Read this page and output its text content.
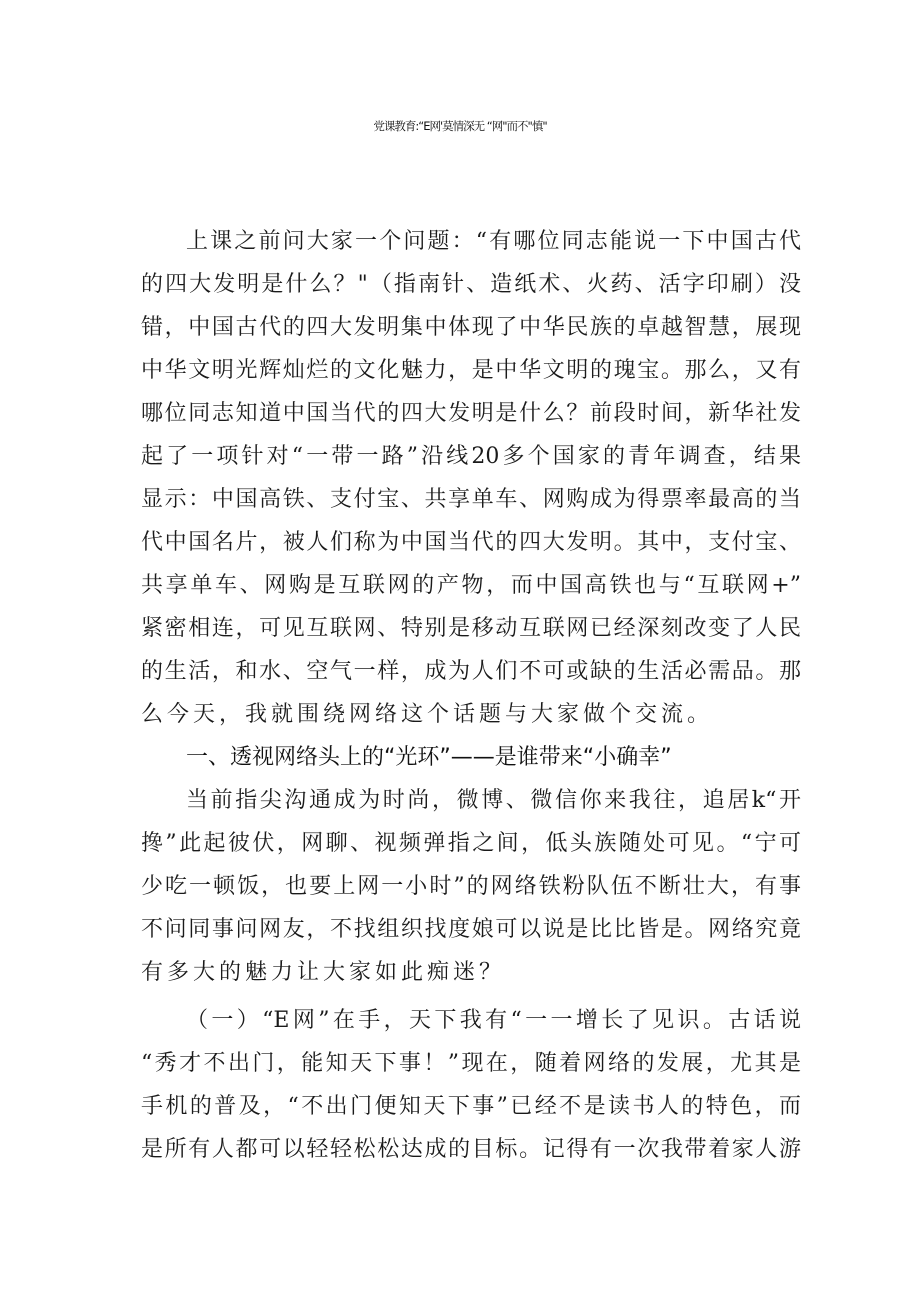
党课教育:“E网'莫情深无 “网"而不"慎"
上课之前问大家一个问题：“有哪位同志能说一下中国古代
的四大发明是什么？"（指南针、造纸术、火药、活字印刷）没
错，中国古代的四大发明集中体现了中华民族的卓越智慧，展现
中华文明光辉灿烂的文化魅力，是中华文明的瑰宝。那么，又有
哪位同志知道中国当代的四大发明是什么？前段时间，新华社发
起了一项针对“一带一路”沿线20多个国家的青年调查，结果
显示：中国高铁、支付宝、共享单车、网购成为得票率最高的当
代中国名片，被人们称为中国当代的四大发明。其中，支付宝、
共享单车、网购是互联网的产物，而中国高铁也与“互联网+”
紧密相连，可见互联网、特别是移动互联网已经深刻改变了人民
的生活，和水、空气一样，成为人们不可或缺的生活必需品。那
么今天，我就围绕网络这个话题与大家做个交流。
一、透视网络头上的“光环”——是谁带来“小确幸”
当前指尖沟通成为时尚，微博、微信你来我往，追居k“开
搀”此起彼伏，网聊、视频弹指之间，低头族随处可见。“宁可
少吃一顿饭，也要上网一小时”的网络铁粉队伍不断壮大，有事
不问同事问网友，不找组织找度娘可以说是比比皆是。网络究竟
有多大的魅力让大家如此痴迷？
（一）“E网”在手，天下我有“一一增长了见识。古话说
“秀才不出门，能知天下事！”现在，随着网络的发展，尤其是
手机的普及，“不出门便知天下事”已经不是读书人的特色，而
是所有人都可以轻轻松松达成的目标。记得有一次我带着家人游
